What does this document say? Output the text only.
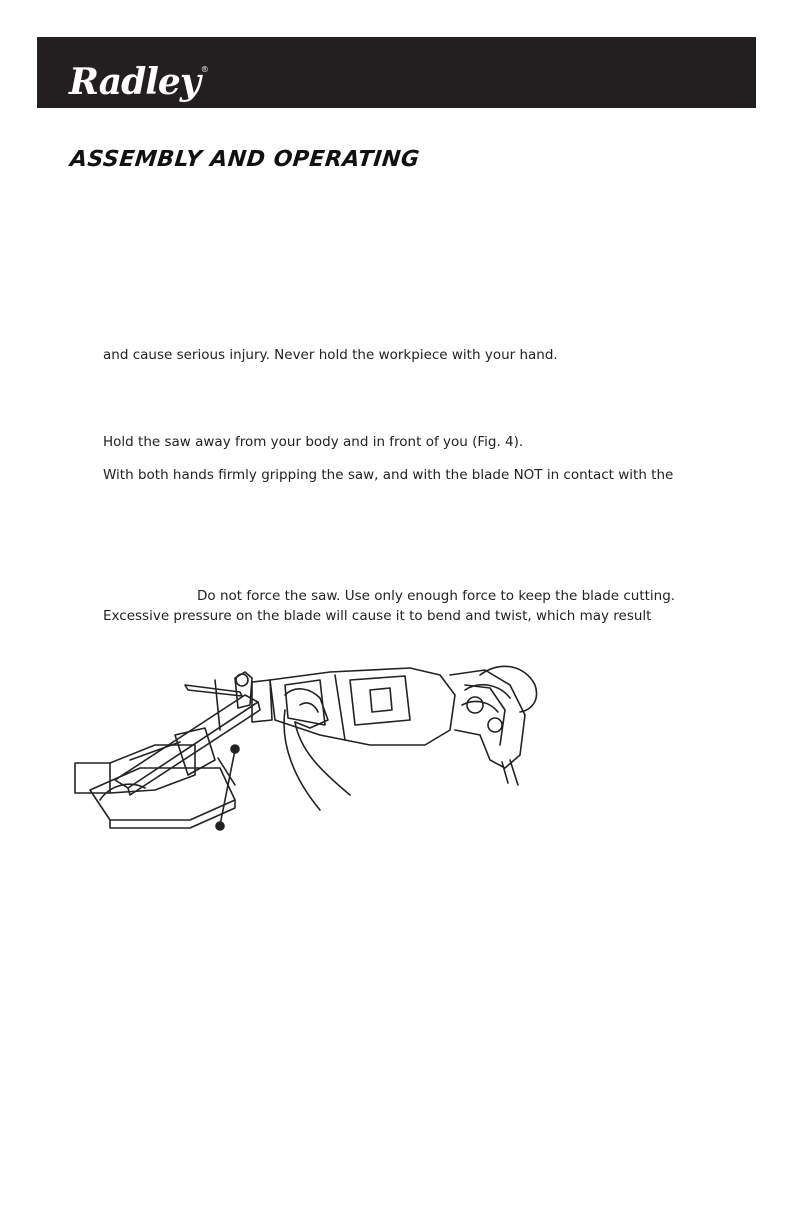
Radley®
ASSEMBLY AND OPERATING

and cause serious injury. Never hold the workpiece with your hand.

Hold the saw away from your body and in front of you (Fig. 4).

With both hands firmly gripping the saw, and with the blade NOT in contact with the

Do not force the saw. Use only enough force to keep the blade cutting.

Excessive pressure on the blade will cause it to bend and twist, which may result
